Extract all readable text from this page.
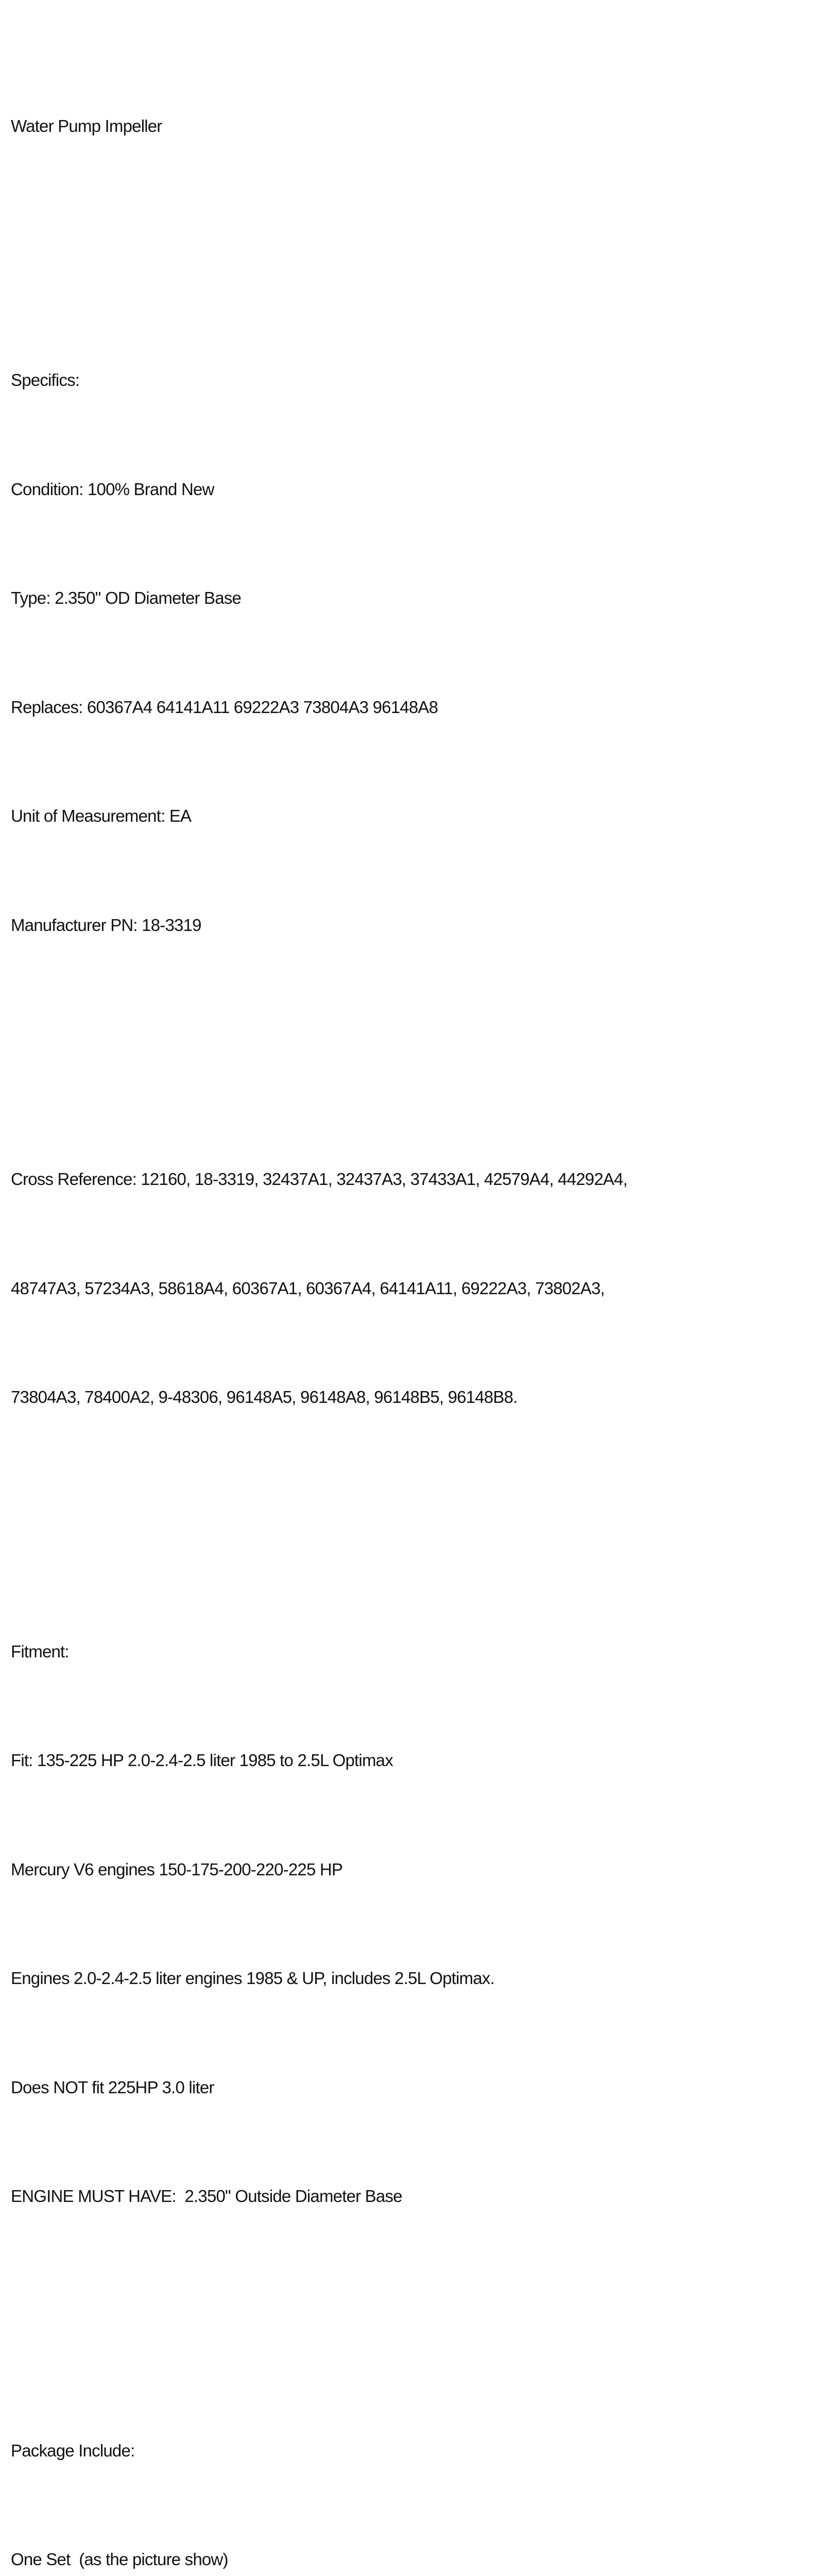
Water Pump Impeller

Specifics:

Condition: 100% Brand New

Type: 2.350" OD Diameter Base

Replaces: 60367A4 64141A11 69222A3 73804A3 96148A8

Unit of Measurement: EA

Manufacturer PN: 18-3319

Cross Reference: 12160, 18-3319, 32437A1, 32437A3, 37433A1, 42579A4, 44292A4,

48747A3, 57234A3, 58618A4, 60367A1, 60367A4, 64141A11, 69222A3, 73802A3,

73804A3, 78400A2, 9-48306, 96148A5, 96148A8, 96148B5, 96148B8.

Fitment:

Fit: 135-225 HP 2.0-2.4-2.5 liter 1985 to 2.5L Optimax

Mercury V6 engines 150-175-200-220-225 HP

Engines 2.0-2.4-2.5 liter engines 1985 & UP, includes 2.5L Optimax.

Does NOT fit 225HP 3.0 liter

ENGINE MUST HAVE:  2.350" Outside Diameter Base

Package Include:

One Set  (as the picture show)
